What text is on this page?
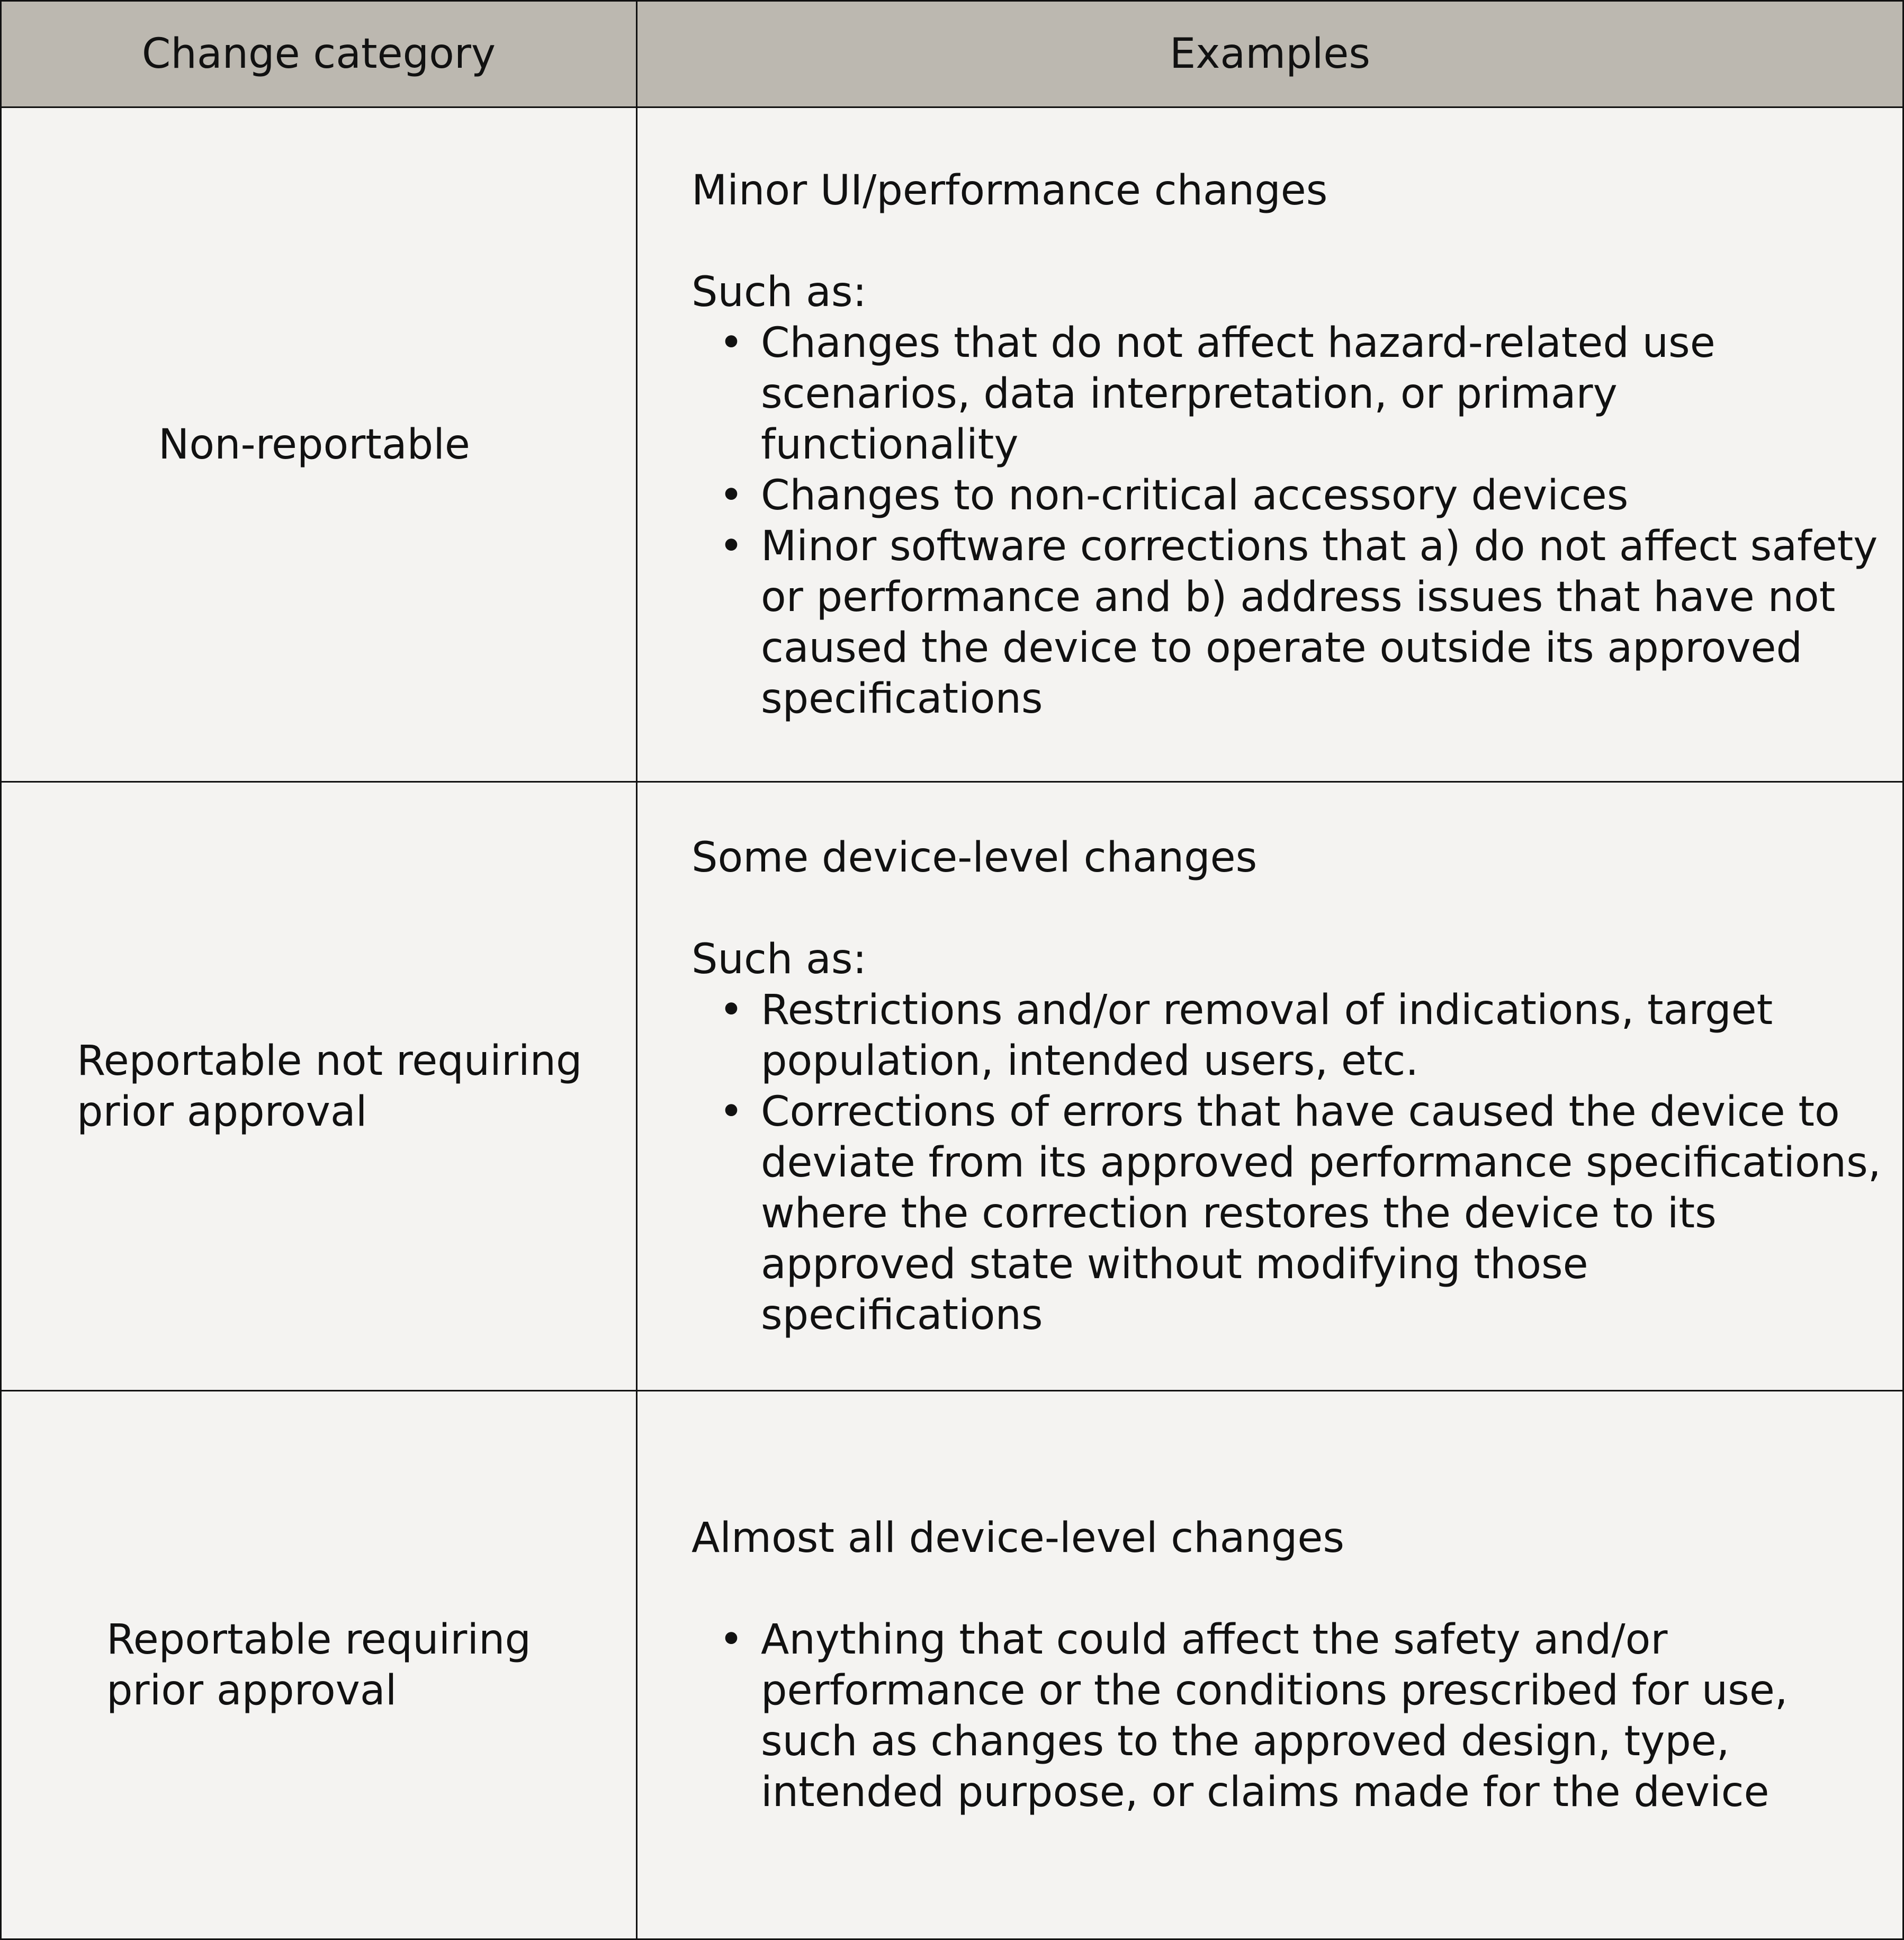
Change category	Examples
Non-reportable

Minor UI/performance changes

Such as:

• Changes that do not affect hazard-related use scenarios, data interpretation, or primary functionality
• Changes to non-critical accessory devices
• Minor software corrections that a) do not affect safety or performance and b) address issues that have not caused the device to operate outside its approved specifications
Reportable not requiring prior approval

Some device-level changes

Such as:

• Restrictions and/or removal of indications, target population, intended users, etc.
• Corrections of errors that have caused the device to deviate from its approved performance specifications, where the correction restores the device to its approved state without modifying those specifications
Reportable requiring prior approval

Almost all device-level changes

• Anything that could affect the safety and/or performance or the conditions prescribed for use, such as changes to the approved design, type, intended purpose, or claims made for the device
